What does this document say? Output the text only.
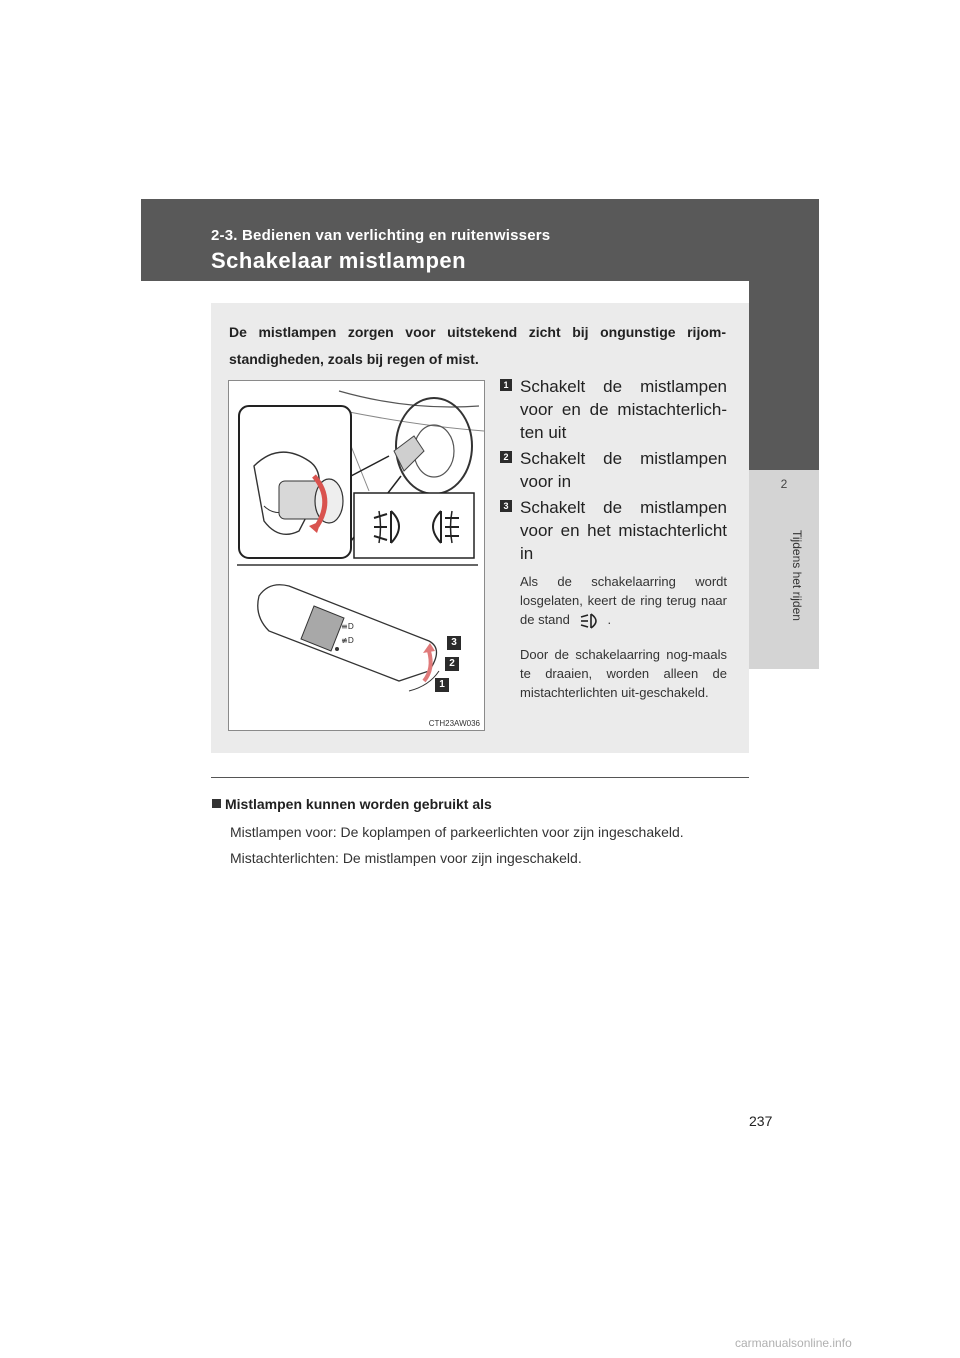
2-3. Bedienen van verlichting en ruitenwissers
Schakelaar mistlampen
2
Tijdens het rijden
De mistlampen zorgen voor uitstekend zicht bij ongunstige rijom-standigheden, zoals bij regen of mist.
≡D
≢D	3
2
1
CTH23AW036
1 Schakelt de mistlampen voor en de mistachterlich-ten uit
2 Schakelt de mistlampen voor in
3 Schakelt de mistlampen voor en het mistachterlicht in
Als de schakelaarring wordt losgelaten, keert de ring terug naar de stand	.
Door de schakelaarring nog-maals te draaien, worden alleen de mistachterlichten uit-geschakeld.
Mistlampen kunnen worden gebruikt als
Mistlampen voor: De koplampen of parkeerlichten voor zijn ingeschakeld.
Mistachterlichten: De mistlampen voor zijn ingeschakeld.
237
carmanualsonline.info
